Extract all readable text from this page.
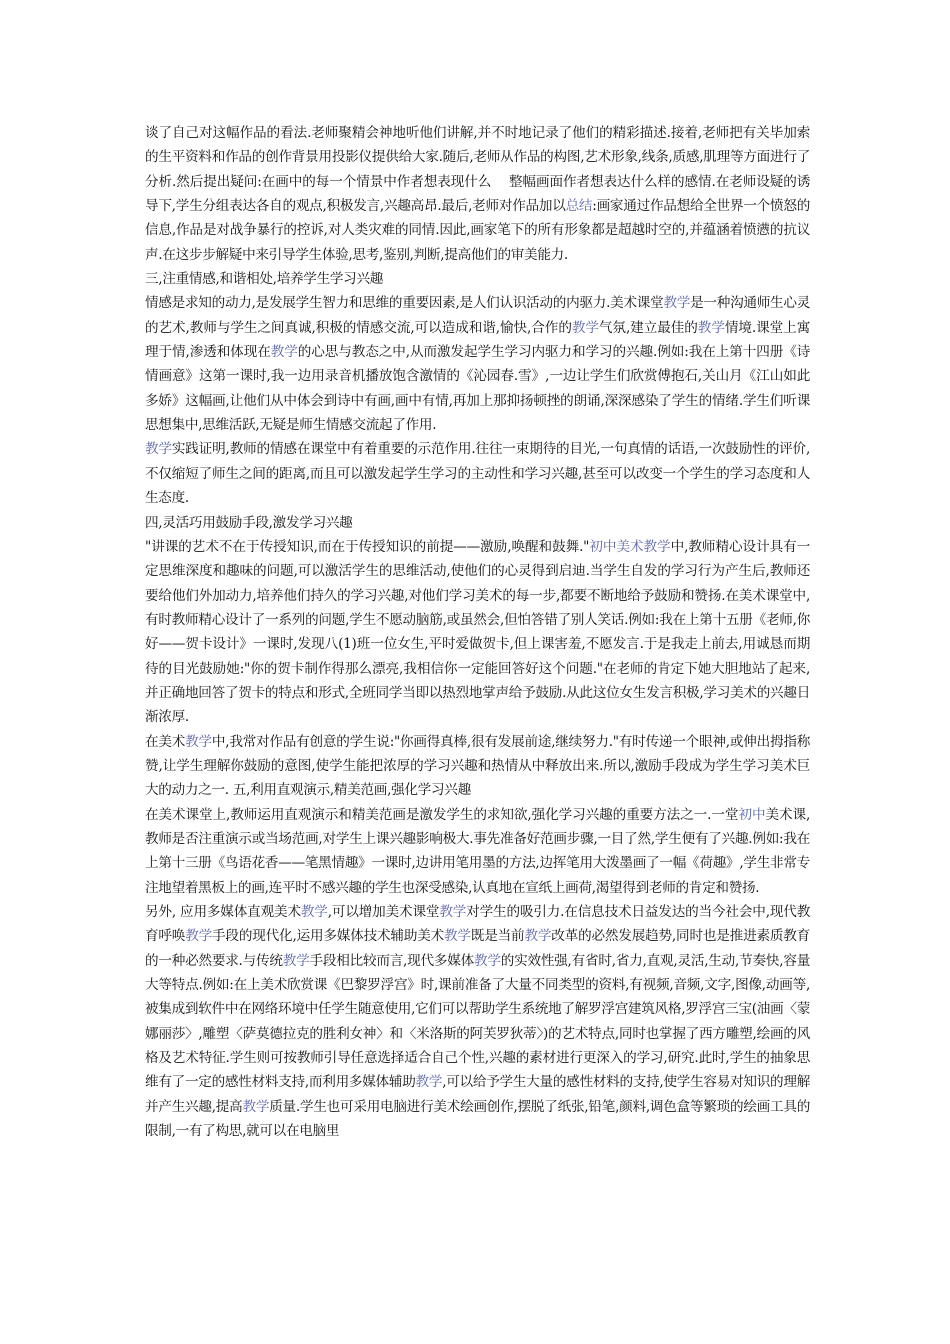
谈了自己对这幅作品的看法.老师聚精会神地听他们讲解,并不时地记录了他们的精彩描述.接着,老师把有关毕加索的生平资料和作品的创作背景用投影仪提供给大家.随后,老师从作品的构图,艺术形象,线条,质感,肌理等方面进行了分析.然后提出疑问:在画中的每一个情景中作者想表现什么　 整幅画面作者想表达什么样的感情.在老师设疑的诱导下,学生分组表达各自的观点,积极发言,兴趣高昂.最后,老师对作品加以总结:画家通过作品想给全世界一个愤怒的信息,作品是对战争暴行的控诉,对人类灾难的同情.因此,画家笔下的所有形象都是超越时空的,并蕴涵着愤懑的抗议声.在这步步解疑中来引导学生体验,思考,鉴别,判断,提高他们的审美能力.

三,注重情感,和谐相处,培养学生学习兴趣

情感是求知的动力,是发展学生智力和思维的重要因素,是人们认识活动的内驱力.美术课堂教学是一种沟通师生心灵的艺术,教师与学生之间真诚,积极的情感交流,可以造成和谐,愉快,合作的教学气氛,建立最佳的教学情境.课堂上寓理于情,渗透和体现在教学的心思与教态之中,从而激发起学生学习内驱力和学习的兴趣.例如:我在上第十四册《诗情画意》这第一课时,我一边用录音机播放饱含激情的《沁园春.雪》,一边让学生们欣赏傅抱石,关山月《江山如此多娇》这幅画,让他们从中体会到诗中有画,画中有情,再加上那抑扬顿挫的朗诵,深深感染了学生的情绪.学生们听课思想集中,思维活跃,无疑是师生情感交流起了作用.

教学实践证明,教师的情感在课堂中有着重要的示范作用.往往一束期待的目光,一句真情的话语,一次鼓励性的评价,不仅缩短了师生之间的距离,而且可以激发起学生学习的主动性和学习兴趣,甚至可以改变一个学生的学习态度和人生态度.

四,灵活巧用鼓励手段,激发学习兴趣

"讲课的艺术不在于传授知识,而在于传授知识的前提——激励,唤醒和鼓舞."初中美术教学中,教师精心设计具有一定思维深度和趣味的问题,可以激活学生的思维活动,使他们的心灵得到启迪.当学生自发的学习行为产生后,教师还要给他们外加动力,培养他们持久的学习兴趣,对他们学习美术的每一步,都要不断地给予鼓励和赞扬.在美术课堂中,有时教师精心设计了一系列的问题,学生不愿动脑筋,或虽然会,但怕答错了别人笑话.例如:我在上第十五册《老师,你好——贺卡设计》一课时,发现八(1)班一位女生,平时爱做贺卡,但上课害羞,不愿发言.于是我走上前去,用诚恳而期待的目光鼓励她:"你的贺卡制作得那么漂亮,我相信你一定能回答好这个问题."在老师的肯定下她大胆地站了起来,并正确地回答了贺卡的特点和形式,全班同学当即以热烈地掌声给予鼓励.从此这位女生发言积极,学习美术的兴趣日渐浓厚.

在美术教学中,我常对作品有创意的学生说:"你画得真棒,很有发展前途,继续努力."有时传递一个眼神,或伸出拇指称赞,让学生理解你鼓励的意图,使学生能把浓厚的学习兴趣和热情从中释放出来.所以,激励手段成为学生学习美术巨大的动力之一. 五,利用直观演示,精美范画,强化学习兴趣

在美术课堂上,教师运用直观演示和精美范画是激发学生的求知欲,强化学习兴趣的重要方法之一.一堂初中美术课,教师是否注重演示或当场范画,对学生上课兴趣影响极大.事先准备好范画步骤,一目了然,学生便有了兴趣.例如:我在上第十三册《鸟语花香——笔黑情趣》一课时,边讲用笔用墨的方法,边挥笔用大泼墨画了一幅《荷趣》,学生非常专注地望着黑板上的画,连平时不感兴趣的学生也深受感染,认真地在宣纸上画荷,渴望得到老师的肯定和赞扬.

另外, 应用多媒体直观美术教学,可以增加美术课堂教学对学生的吸引力.在信息技术日益发达的当今社会中,现代教育呼唤教学手段的现代化,运用多媒体技术辅助美术教学既是当前教学改革的必然发展趋势,同时也是推进素质教育的一种必然要求.与传统教学手段相比较而言,现代多媒体教学的实效性强,有省时,省力,直观,灵活,生动,节奏快,容量大等特点.例如:在上美术欣赏课《巴黎罗浮宫》时,课前准备了大量不同类型的资料,有视频,音频,文字,图像,动画等,被集成到软件中在网络环境中任学生随意使用,它们可以帮助学生系统地了解罗浮宫建筑风格,罗浮宫三宝(油画〈蒙娜丽莎〉,雕塑〈萨莫德拉克的胜利女神〉和〈米洛斯的阿芙罗狄蒂〉)的艺术特点,同时也掌握了西方雕塑,绘画的风格及艺术特征.学生则可按教师引导任意选择适合自己个性,兴趣的素材进行更深入的学习,研究.此时,学生的抽象思维有了一定的感性材料支持,而利用多媒体辅助教学,可以给予学生大量的感性材料的支持,使学生容易对知识的理解并产生兴趣,提高教学质量.学生也可采用电脑进行美术绘画创作,摆脱了纸张,铅笔,颜料,调色盒等繁琐的绘画工具的限制,一有了构思,就可以在电脑里
